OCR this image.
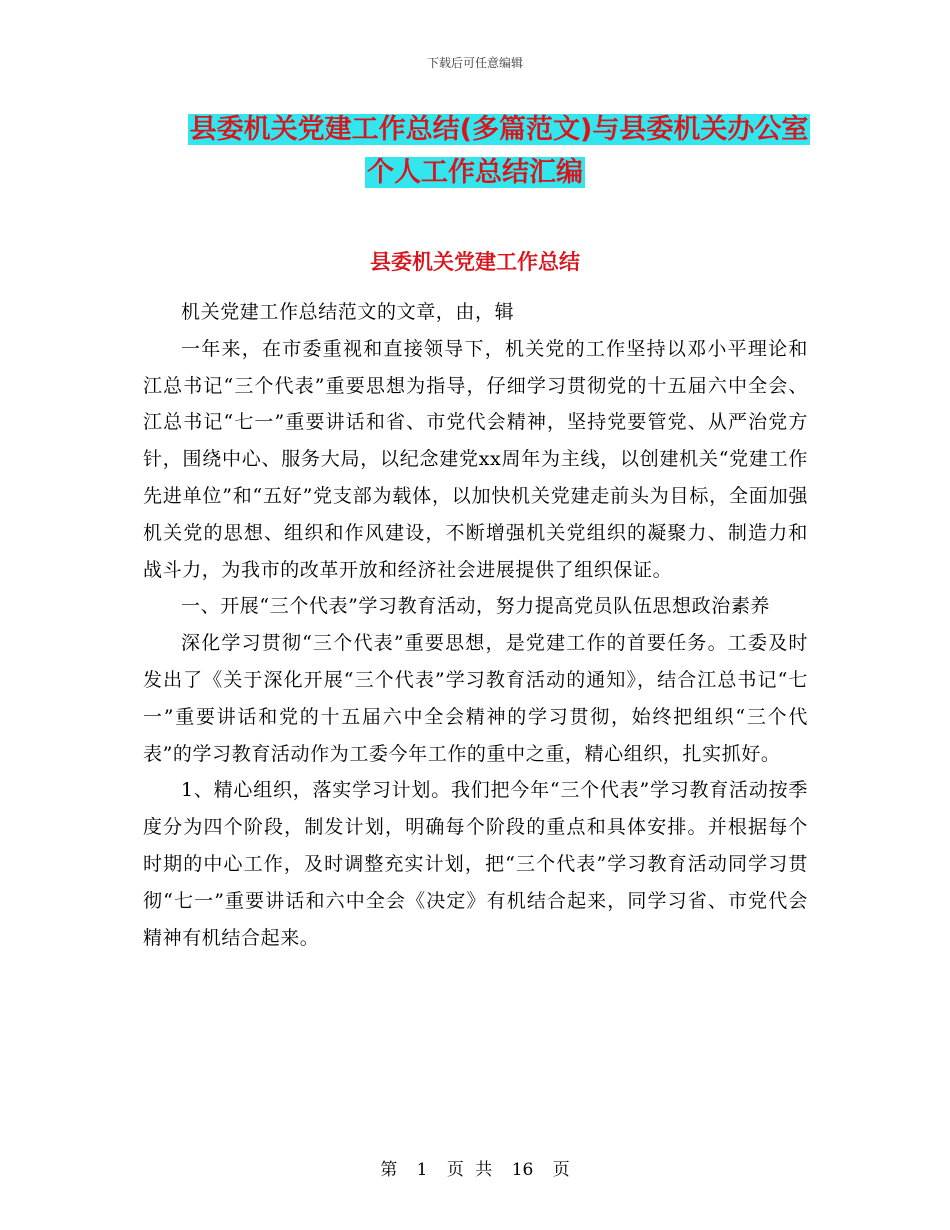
下载后可任意编辑
县委机关党建工作总结(多篇范文)与县委机关办公室
个人工作总结汇编
县委机关党建工作总结

机关党建工作总结范文的文章，由，辑

一年来，在市委重视和直接领导下，机关党的工作坚持以邓小平理论和江总书记“三个代表”重要思想为指导，仔细学习贯彻党的十五届六中全会、江总书记“七一”重要讲话和省、市党代会精神，坚持党要管党、从严治党方针，围绕中心、服务大局，以纪念建党xx周年为主线，以创建机关“党建工作先进单位”和“五好”党支部为载体，以加快机关党建走前头为目标，全面加强机关党的思想、组织和作风建设，不断增强机关党组织的凝聚力、制造力和战斗力，为我市的改革开放和经济社会进展提供了组织保证。

一、开展“三个代表”学习教育活动，努力提高党员队伍思想政治素养

深化学习贯彻“三个代表”重要思想，是党建工作的首要任务。工委及时发出了《关于深化开展“三个代表”学习教育活动的通知》，结合江总书记“七一”重要讲话和党的十五届六中全会精神的学习贯彻，始终把组织“三个代表”的学习教育活动作为工委今年工作的重中之重，精心组织，扎实抓好。

1、精心组织，落实学习计划。我们把今年“三个代表”学习教育活动按季度分为四个阶段，制发计划，明确每个阶段的重点和具体安排。并根据每个时期的中心工作，及时调整充实计划，把“三个代表”学习教育活动同学习贯彻“七一”重要讲话和六中全会《决定》有机结合起来，同学习省、市党代会精神有机结合起来。

第 1 页 共 16 页
